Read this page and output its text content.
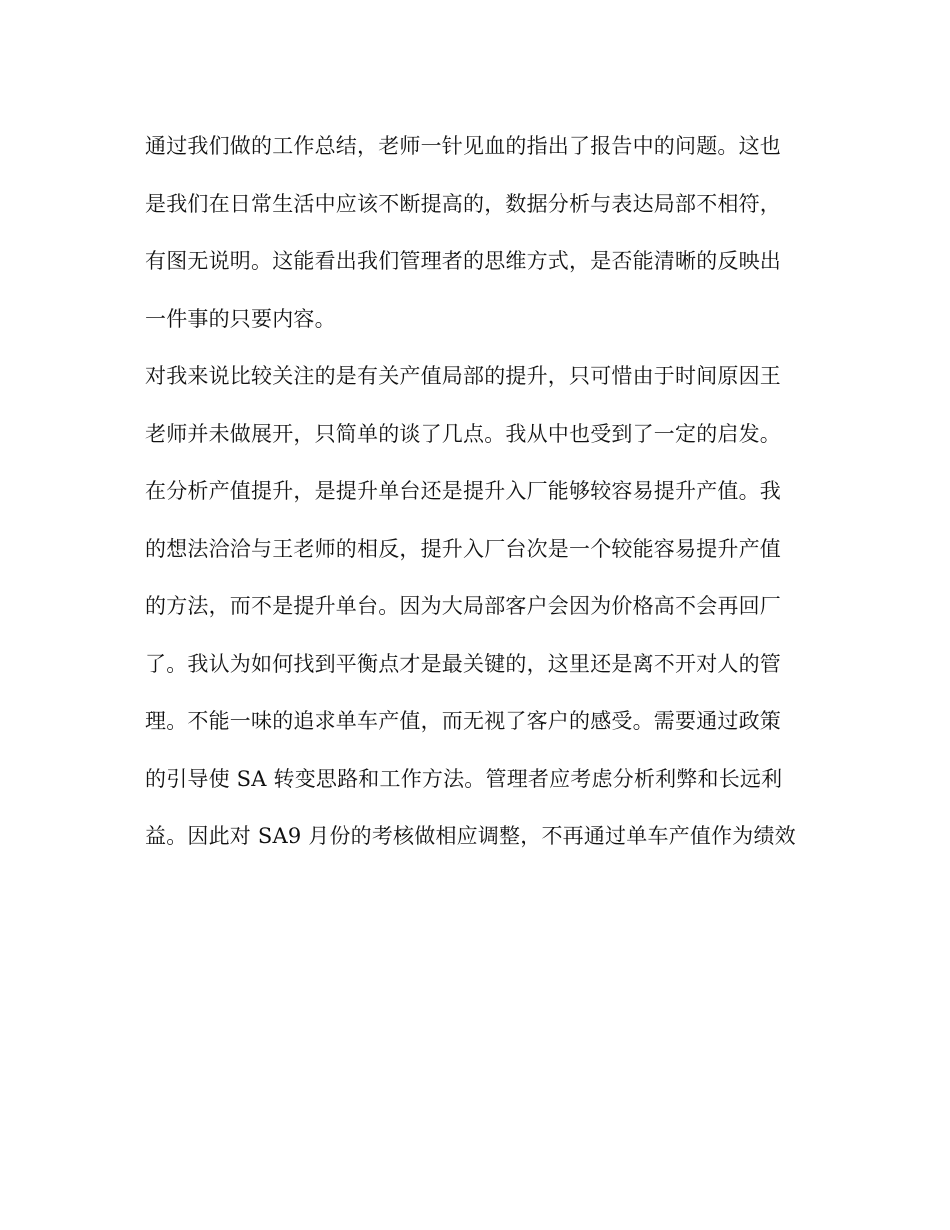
通过我们做的工作总结，老师一针见血的指出了报告中的问题。这也
是我们在日常生活中应该不断提高的，数据分析与表达局部不相符，
有图无说明。这能看出我们管理者的思维方式，是否能清晰的反映出
一件事的只要内容。
对我来说比较关注的是有关产值局部的提升，只可惜由于时间原因王
老师并未做展开，只简单的谈了几点。我从中也受到了一定的启发。
在分析产值提升，是提升单台还是提升入厂能够较容易提升产值。我
的想法洽洽与王老师的相反，提升入厂台次是一个较能容易提升产值
的方法，而不是提升单台。因为大局部客户会因为价格高不会再回厂
了。我认为如何找到平衡点才是最关键的，这里还是离不开对人的管
理。不能一味的追求单车产值，而无视了客户的感受。需要通过政策
的引导使 SA 转变思路和工作方法。管理者应考虑分析利弊和长远利
益。因此对 SA9 月份的考核做相应调整，不再通过单车产值作为绩效
